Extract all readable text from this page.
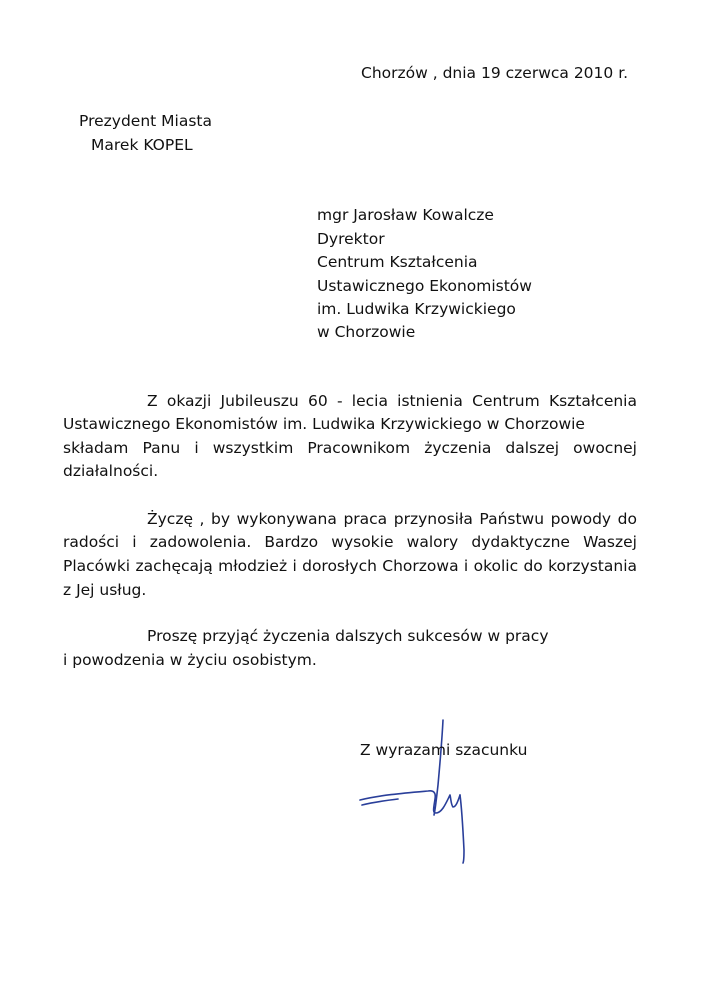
Chorzów , dnia 19 czerwca 2010 r.
Prezydent Miasta
Marek KOPEL
mgr Jarosław Kowalcze
Dyrektor
Centrum Kształcenia
Ustawicznego Ekonomistów
im. Ludwika Krzywickiego
w Chorzowie
Z okazji Jubileuszu 60 - lecia istnienia Centrum Kształcenia
Ustawicznego Ekonomistów im. Ludwika Krzywickiego w Chorzowie
składam Panu i wszystkim Pracownikom życzenia dalszej owocnej
działalności.
Życzę , by wykonywana praca przynosiła Państwu powody do
radości i zadowolenia. Bardzo wysokie walory dydaktyczne Waszej
Placówki zachęcają młodzież i dorosłych Chorzowa i okolic do korzystania
z Jej usług.
Proszę przyjąć życzenia dalszych sukcesów w pracy
i powodzenia w życiu osobistym.
Z wyrazami szacunku
